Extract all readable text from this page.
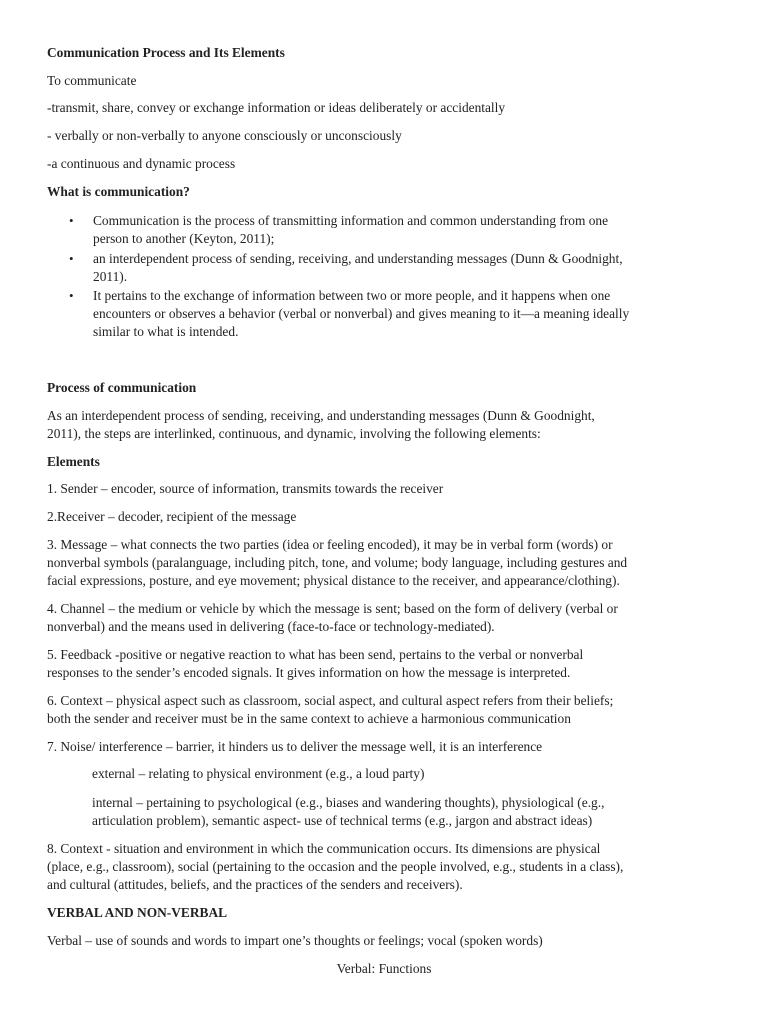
Communication Process and Its Elements
To communicate
-transmit, share, convey or exchange information or ideas deliberately or accidentally
- verbally or non-verbally to anyone consciously or unconsciously
-a continuous and dynamic process
What is communication?
• Communication is the process of transmitting information and common understanding from one
person to another (Keyton, 2011);
• an interdependent process of sending, receiving, and understanding messages (Dunn & Goodnight,
2011).
• It pertains to the exchange of information between two or more people, and it happens when one
encounters or observes a behavior (verbal or nonverbal) and gives meaning to it—a meaning ideally
similar to what is intended.
Process of communication
As an interdependent process of sending, receiving, and understanding messages (Dunn & Goodnight,
2011), the steps are interlinked, continuous, and dynamic, involving the following elements:
Elements
1. Sender – encoder, source of information, transmits towards the receiver
2.Receiver – decoder, recipient of the message
3. Message – what connects the two parties (idea or feeling encoded), it may be in verbal form (words) or
nonverbal symbols (paralanguage, including pitch, tone, and volume; body language, including gestures and
facial expressions, posture, and eye movement; physical distance to the receiver, and appearance/clothing).
4. Channel – the medium or vehicle by which the message is sent; based on the form of delivery (verbal or
nonverbal) and the means used in delivering (face-to-face or technology-mediated).
5. Feedback -positive or negative reaction to what has been send, pertains to the verbal or nonverbal
responses to the sender’s encoded signals. It gives information on how the message is interpreted.
6. Context – physical aspect such as classroom, social aspect, and cultural aspect refers from their beliefs;
both the sender and receiver must be in the same context to achieve a harmonious communication
7. Noise/ interference – barrier, it hinders us to deliver the message well, it is an interference
external – relating to physical environment (e.g., a loud party)
internal – pertaining to psychological (e.g., biases and wandering thoughts), physiological (e.g.,
articulation problem), semantic aspect- use of technical terms (e.g., jargon and abstract ideas)
8. Context - situation and environment in which the communication occurs. Its dimensions are physical
(place, e.g., classroom), social (pertaining to the occasion and the people involved, e.g., students in a class),
and cultural (attitudes, beliefs, and the practices of the senders and receivers).
VERBAL AND NON-VERBAL
Verbal – use of sounds and words to impart one’s thoughts or feelings; vocal (spoken words)
Verbal: Functions
